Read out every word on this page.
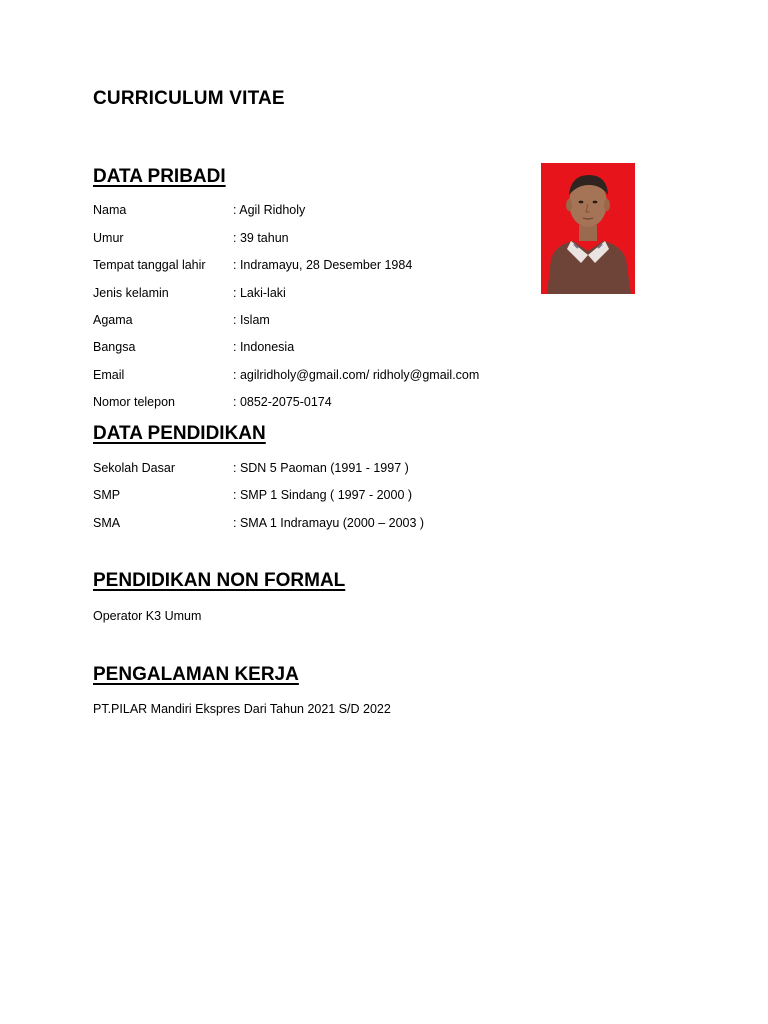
CURRICULUM VITAE
DATA PRIBADI
Nama	: Agil Ridholy
Umur	: 39 tahun
Tempat tanggal lahir : Indramayu, 28 Desember 1984
Jenis kelamin	: Laki-laki
Agama	: Islam
Bangsa	: Indonesia
Email	: agilridholy@gmail.com/ ridholy@gmail.com
Nomor telepon	: 0852-2075-0174
DATA PENDIDIKAN
Sekolah Dasar	: SDN 5 Paoman (1991 - 1997 )
SMP	: SMP 1 Sindang ( 1997 - 2000 )
SMA	: SMA 1 Indramayu (2000 – 2003 )
PENDIDIKAN NON FORMAL
Operator K3 Umum
PENGALAMAN KERJA
PT.PILAR Mandiri Ekspres Dari Tahun 2021 S/D 2022
